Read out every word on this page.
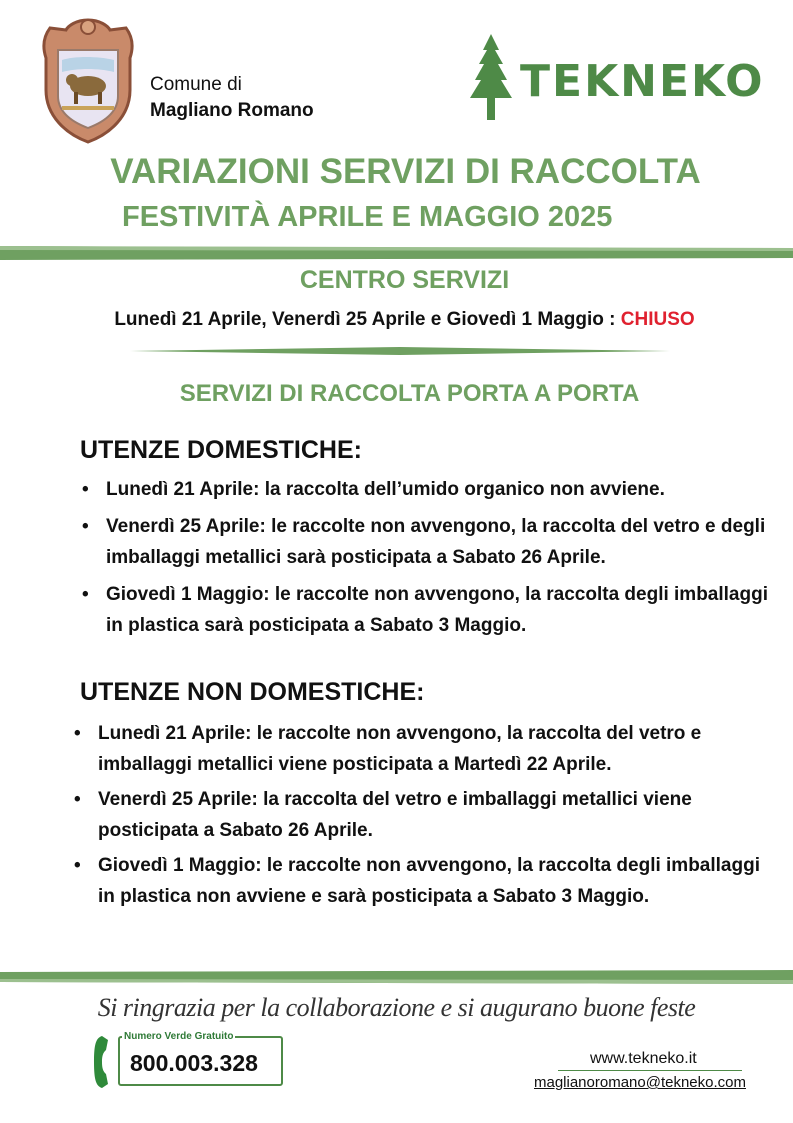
Comune di
Magliano Romano
TEKNEKO
VARIAZIONI SERVIZI DI RACCOLTA
FESTIVITÀ APRILE E MAGGIO 2025
CENTRO SERVIZI
Lunedì 21 Aprile, Venerdì 25 Aprile e Giovedì 1 Maggio : CHIUSO
SERVIZI DI RACCOLTA PORTA A PORTA
UTENZE DOMESTICHE:
• Lunedì 21 Aprile: la raccolta dell’umido organico non avviene.
• Venerdì 25 Aprile: le raccolte non avvengono, la raccolta del vetro e degli imballaggi metallici sarà posticipata a Sabato 26 Aprile.
• Giovedì 1 Maggio: le raccolte non avvengono, la raccolta degli imballaggi in plastica sarà posticipata a Sabato 3 Maggio.
UTENZE NON DOMESTICHE:
• Lunedì 21 Aprile: le raccolte non avvengono, la raccolta del vetro e imballaggi metallici viene posticipata a Martedì 22 Aprile.
• Venerdì 25 Aprile: la raccolta del vetro e imballaggi metallici viene posticipata a Sabato 26 Aprile.
• Giovedì 1 Maggio: le raccolte non avvengono, la raccolta degli imballaggi in plastica non avviene e sarà posticipata a Sabato 3 Maggio.
Si ringrazia per la collaborazione e si augurano buone feste
Numero Verde Gratuito
800.003.328	www.tekneko.it
maglianoromano@tekneko.com
